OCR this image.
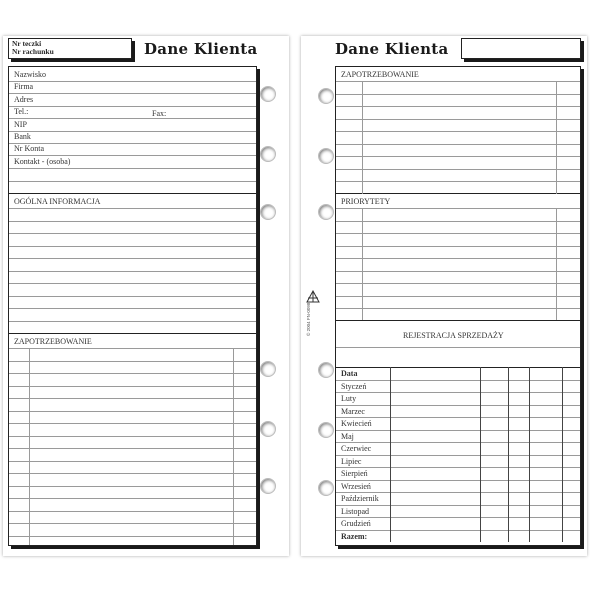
Nr teczki
Nr rachunku	Dane Klienta
Nazwisko
Firma
Adres
Tel.:
NIP
Bank
Nr Konta
Kontakt - (osoba)
Fax:
OGÓLNA INFORMACJA
ZAPOTRZEBOWANIE
Dane Klienta
© 2004 FN-0098
ZAPOTRZEBOWANIE
PRIORYTETY
REJESTRACJA SPRZEDAŻY
Data
Styczeń
Luty
Marzec
Kwiecień
Maj
Czerwiec
Lipiec
Sierpień
Wrzesień
Październik
Listopad
Grudzień
Razem:
